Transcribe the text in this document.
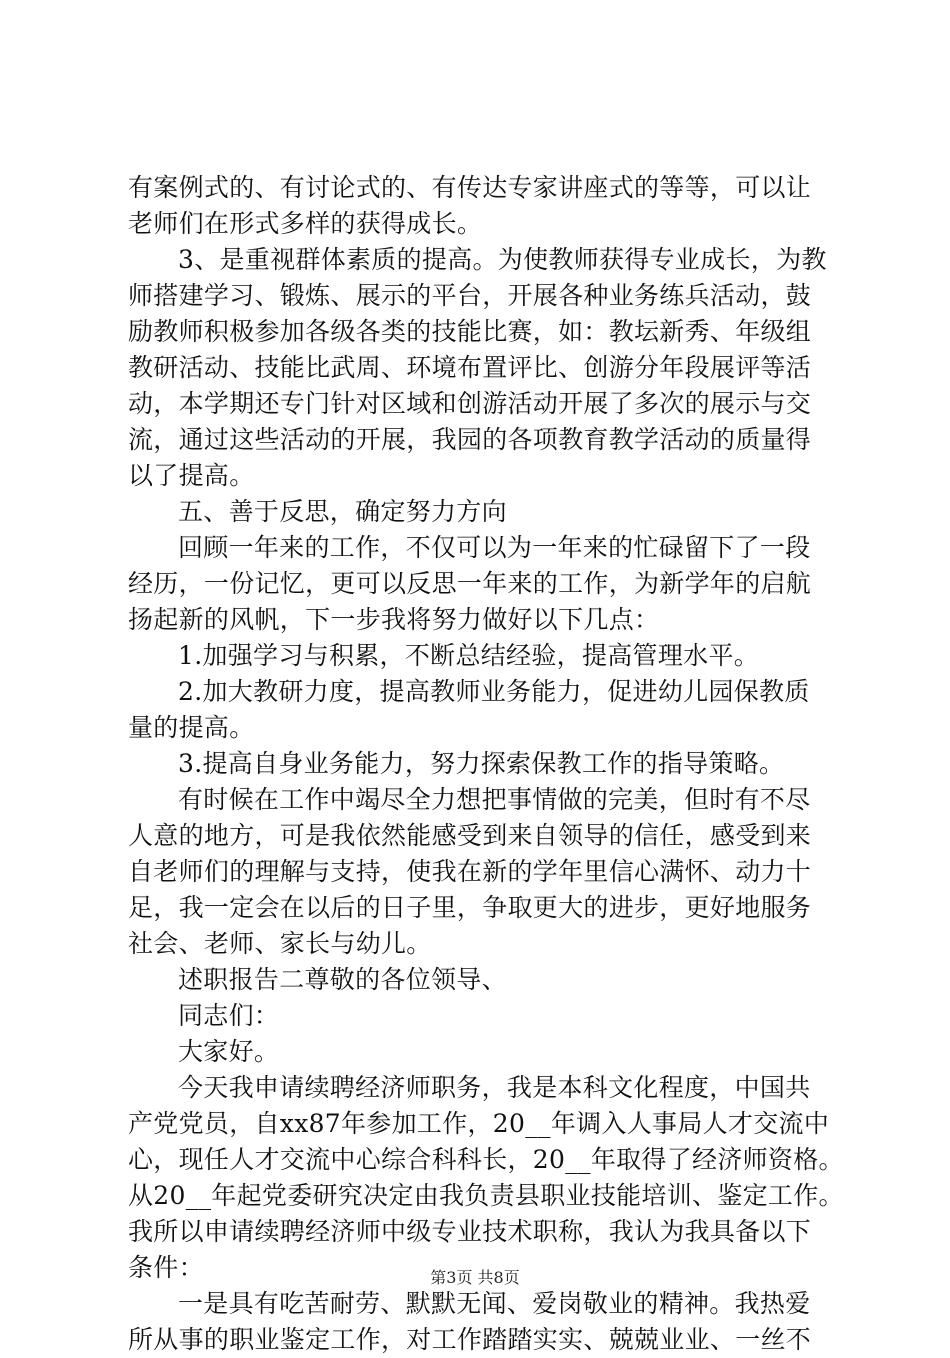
有案例式的、有讨论式的、有传达专家讲座式的等等，可以让
老师们在形式多样的获得成长。
3、是重视群体素质的提高。为使教师获得专业成长，为教
师搭建学习、锻炼、展示的平台，开展各种业务练兵活动，鼓
励教师积极参加各级各类的技能比赛，如：教坛新秀、年级组
教研活动、技能比武周、环境布置评比、创游分年段展评等活
动，本学期还专门针对区域和创游活动开展了多次的展示与交
流，通过这些活动的开展，我园的各项教育教学活动的质量得
以了提高。
五、善于反思，确定努力方向
回顾一年来的工作，不仅可以为一年来的忙碌留下了一段
经历，一份记忆，更可以反思一年来的工作，为新学年的启航
扬起新的风帆，下一步我将努力做好以下几点：
1.加强学习与积累，不断总结经验，提高管理水平。
2.加大教研力度，提高教师业务能力，促进幼儿园保教质
量的提高。
3.提高自身业务能力，努力探索保教工作的指导策略。
有时候在工作中竭尽全力想把事情做的完美，但时有不尽
人意的地方，可是我依然能感受到来自领导的信任，感受到来
自老师们的理解与支持，使我在新的学年里信心满怀、动力十
足，我一定会在以后的日子里，争取更大的进步，更好地服务
社会、老师、家长与幼儿。
述职报告二尊敬的各位领导、
同志们：
大家好。
今天我申请续聘经济师职务，我是本科文化程度，中国共
产党党员，自xx87年参加工作，20__年调入人事局人才交流中
心，现任人才交流中心综合科科长，20__年取得了经济师资格。
从20__年起党委研究决定由我负责县职业技能培训、鉴定工作。
我所以申请续聘经济师中级专业技术职称，我认为我具备以下
条件：
一是具有吃苦耐劳、默默无闻、爱岗敬业的精神。我热爱
所从事的职业鉴定工作，对工作踏踏实实、兢兢业业、一丝不
第3页 共8页
